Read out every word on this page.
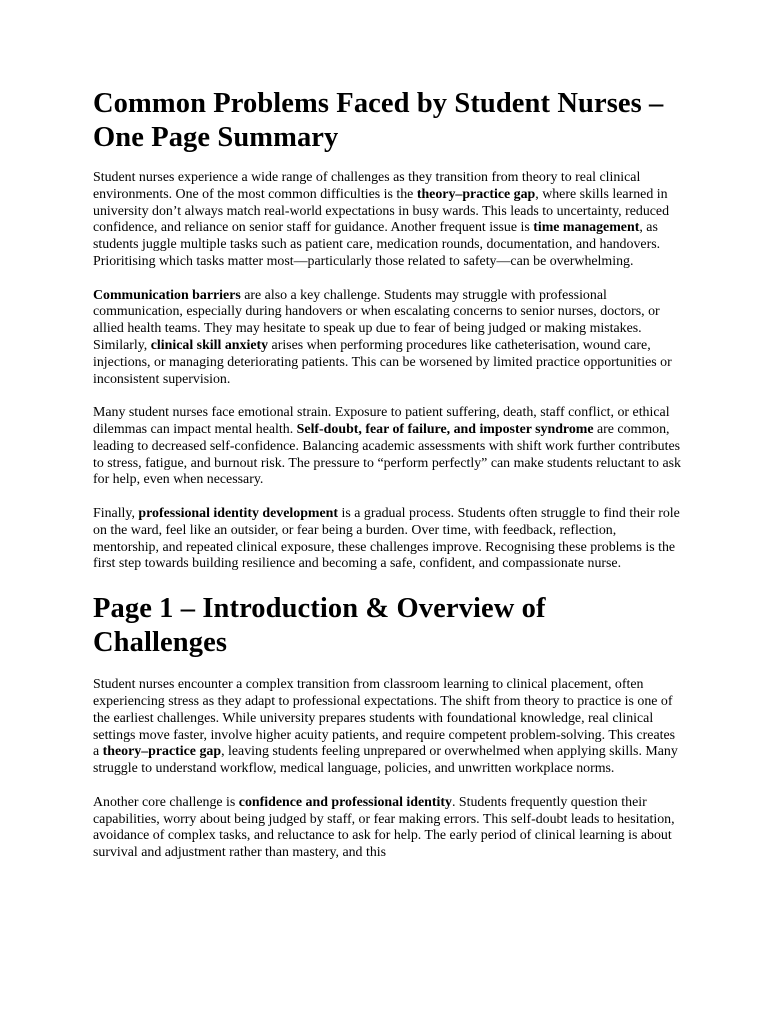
Common Problems Faced by Student Nurses – One Page Summary

Student nurses experience a wide range of challenges as they transition from theory to real clinical environments. One of the most common difficulties is the theory–practice gap, where skills learned in university don’t always match real-world expectations in busy wards. This leads to uncertainty, reduced confidence, and reliance on senior staff for guidance. Another frequent issue is time management, as students juggle multiple tasks such as patient care, medication rounds, documentation, and handovers. Prioritising which tasks matter most—particularly those related to safety—can be overwhelming.

Communication barriers are also a key challenge. Students may struggle with professional communication, especially during handovers or when escalating concerns to senior nurses, doctors, or allied health teams. They may hesitate to speak up due to fear of being judged or making mistakes. Similarly, clinical skill anxiety arises when performing procedures like catheterisation, wound care, injections, or managing deteriorating patients. This can be worsened by limited practice opportunities or inconsistent supervision.

Many student nurses face emotional strain. Exposure to patient suffering, death, staff conflict, or ethical dilemmas can impact mental health. Self-doubt, fear of failure, and imposter syndrome are common, leading to decreased self-confidence. Balancing academic assessments with shift work further contributes to stress, fatigue, and burnout risk. The pressure to “perform perfectly” can make students reluctant to ask for help, even when necessary.

Finally, professional identity development is a gradual process. Students often struggle to find their role on the ward, feel like an outsider, or fear being a burden. Over time, with feedback, reflection, mentorship, and repeated clinical exposure, these challenges improve. Recognising these problems is the first step towards building resilience and becoming a safe, confident, and compassionate nurse.

Page 1 – Introduction & Overview of Challenges

Student nurses encounter a complex transition from classroom learning to clinical placement, often experiencing stress as they adapt to professional expectations. The shift from theory to practice is one of the earliest challenges. While university prepares students with foundational knowledge, real clinical settings move faster, involve higher acuity patients, and require competent problem-solving. This creates a theory–practice gap, leaving students feeling unprepared or overwhelmed when applying skills. Many struggle to understand workflow, medical language, policies, and unwritten workplace norms.

Another core challenge is confidence and professional identity. Students frequently question their capabilities, worry about being judged by staff, or fear making errors. This self-doubt leads to hesitation, avoidance of complex tasks, and reluctance to ask for help. The early period of clinical learning is about survival and adjustment rather than mastery, and this
